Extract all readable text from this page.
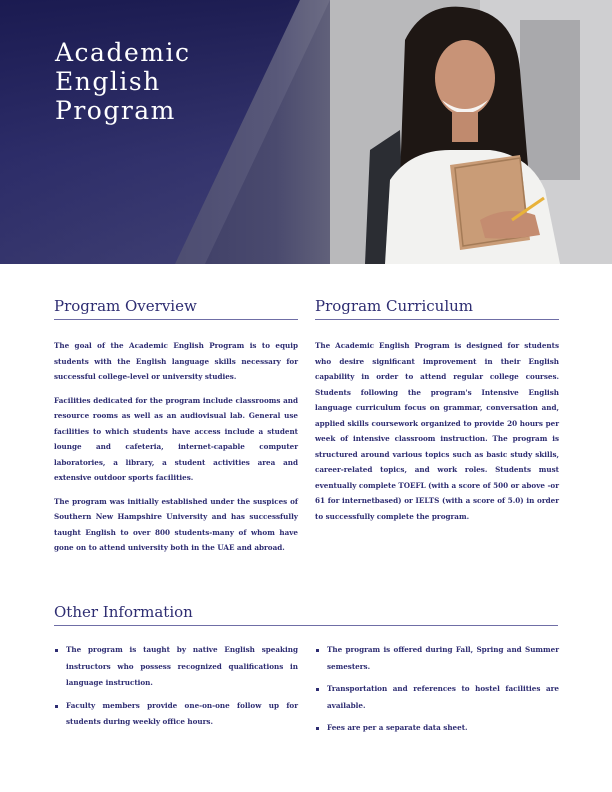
Academic
English
Program
Program Overview

The goal of the Academic English Program is to equip students with the English language skills necessary for successful college-level or university studies.

Facilities dedicated for the program include classrooms and resource rooms as well as an audiovisual lab. General use facilities to which students have access include a student lounge and cafeteria, internet-capable computer laboratories, a library, a student activities area and extensive outdoor sports facilities.

The program was initially established under the suspices of Southern New Hampshire University and has successfully taught English to over 800 students-many of whom have gone on to attend university both in the UAE and abroad.

Program Curriculum

The Academic English Program is designed for students who desire significant improvement in their English capability in order to attend regular college courses. Students following the program's Intensive English language curriculum focus on grammar, conversation and, applied skills coursework organized to provide 20 hours per week of intensive classroom instruction. The program is structured around various topics such as basic study skills, career-related topics, and work roles. Students must eventually complete TOEFL (with a score of 500 or above -or 61 for internetbased) or IELTS (with a score of 5.0) in order to successfully complete the program.

Other Information
The program is taught by native English speaking instructors who possess recognized qualifications in language instruction.
Faculty members provide one-on-one follow up for students during weekly office hours.
The program is offered during Fall, Spring and Summer semesters.
Transportation and references to hostel facilities are available.
Fees are per a separate data sheet.
